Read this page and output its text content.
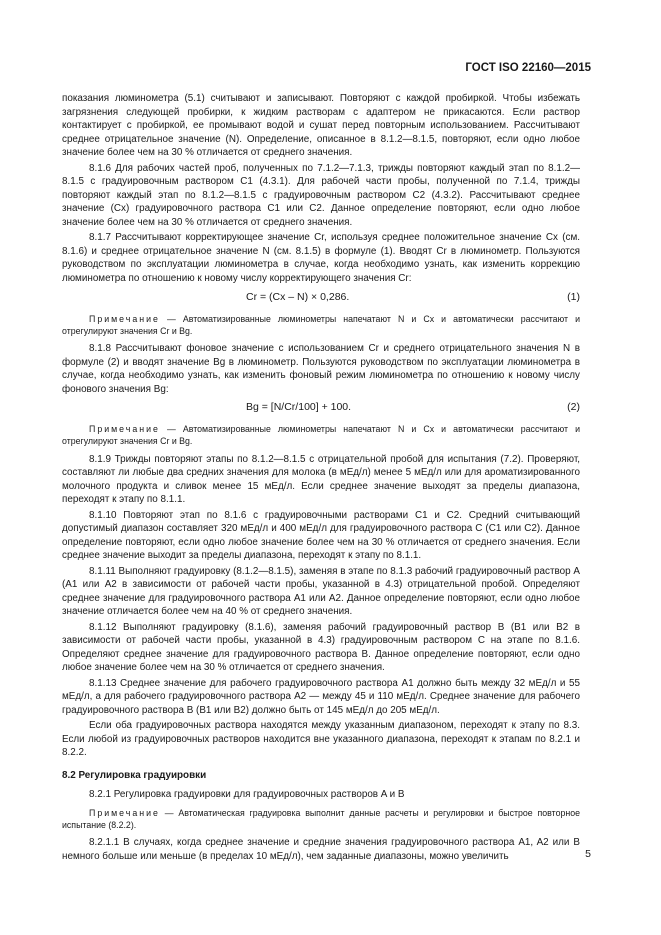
ГОСТ ISO 22160—2015

показания люминометра (5.1) считывают и записывают. Повторяют с каждой пробиркой. Чтобы избежать загрязнения следующей пробирки, к жидким растворам с адаптером не прикасаются. Если раствор контактирует с пробиркой, ее промывают водой и сушат перед повторным использованием. Рассчитывают среднее отрицательное значение (N). Определение, описанное в 8.1.2—8.1.5, повторяют, если одно любое значение более чем на 30 % отличается от среднего значения.

8.1.6 Для рабочих частей проб, полученных по 7.1.2—7.1.3, трижды повторяют каждый этап по 8.1.2—8.1.5 с градуировочным раствором C1 (4.3.1). Для рабочей части пробы, полученной по 7.1.4, трижды повторяют каждый этап по 8.1.2—8.1.5 с градуировочным раствором C2 (4.3.2). Рассчитывают среднее значение (Cx) градуировочного раствора C1 или C2. Данное определение повторяют, если одно любое значение более чем на 30 % отличается от среднего значения.

8.1.7 Рассчитывают корректирующее значение Cr, используя среднее положительное значение Cx (см. 8.1.6) и среднее отрицательное значение N (см. 8.1.5) в формуле (1). Вводят Cr в люминометр. Пользуются руководством по эксплуатации люминометра в случае, когда необходимо узнать, как изменить коррекцию люминометра по отношению к новому числу корректирующего значения Cr:

Cr = (Cx – N) × 0,286.	(1)

Примечание — Автоматизированные люминометры напечатают N и Cx и автоматически рассчитают и отрегулируют значения Cr и Bg.

8.1.8 Рассчитывают фоновое значение с использованием Cr и среднего отрицательного значения N в формуле (2) и вводят значение Bg в люминометр. Пользуются руководством по эксплуатации люминометра в случае, когда необходимо узнать, как изменить фоновый режим люминометра по отношению к новому числу фонового значения Bg:

Bg = [N/Cr/100] + 100.	(2)

Примечание — Автоматизированные люминометры напечатают N и Cx и автоматически рассчитают и отрегулируют значения Cr и Bg.

8.1.9 Трижды повторяют этапы по 8.1.2—8.1.5 с отрицательной пробой для испытания (7.2). Проверяют, составляют ли любые два средних значения для молока (в мЕд/л) менее 5 мЕд/л или для ароматизированного молочного продукта и сливок менее 15 мЕд/л. Если среднее значение выходят за пределы диапазона, переходят к этапу по 8.1.1.

8.1.10 Повторяют этап по 8.1.6 с градуировочными растворами C1 и C2. Средний считывающий допустимый диапазон составляет 320 мЕд/л и 400 мЕд/л для градуировочного раствора C (C1 или C2). Данное определение повторяют, если одно любое значение более чем на 30 % отличается от среднего значения. Если среднее значение выходит за пределы диапазона, переходят к этапу по 8.1.1.

8.1.11 Выполняют градуировку (8.1.2—8.1.5), заменяя в этапе по 8.1.3 рабочий градуировочный раствор A (A1 или A2 в зависимости от рабочей части пробы, указанной в 4.3) отрицательной пробой. Определяют среднее значение для градуировочного раствора A1 или A2. Данное определение повторяют, если одно любое значение отличается более чем на 40 % от среднего значения.

8.1.12 Выполняют градуировку (8.1.6), заменяя рабочий градуировочный раствор B (B1 или B2 в зависимости от рабочей части пробы, указанной в 4.3) градуировочным раствором C на этапе по 8.1.6. Определяют среднее значение для градуировочного раствора B. Данное определение повторяют, если одно любое значение более чем на 30 % отличается от среднего значения.

8.1.13 Среднее значение для рабочего градуировочного раствора A1 должно быть между 32 мЕд/л и 55 мЕд/л, а для рабочего градуировочного раствора A2 — между 45 и 110 мЕд/л. Среднее значение для рабочего градуировочного раствора B (B1 или B2) должно быть от 145 мЕд/л до 205 мЕд/л.

Если оба градуировочных раствора находятся между указанным диапазоном, переходят к этапу по 8.3. Если любой из градуировочных растворов находится вне указанного диапазона, переходят к этапам по 8.2.1 и 8.2.2.

8.2 Регулировка градуировки

8.2.1 Регулировка градуировки для градуировочных растворов A и B

Примечание — Автоматическая градуировка выполнит данные расчеты и регулировки и быстрое повторное испытание (8.2.2).

8.2.1.1 В случаях, когда среднее значение и средние значения градуировочного раствора A1, A2 или B немного больше или меньше (в пределах 10 мЕд/л), чем заданные диапазоны, можно увеличить	5
